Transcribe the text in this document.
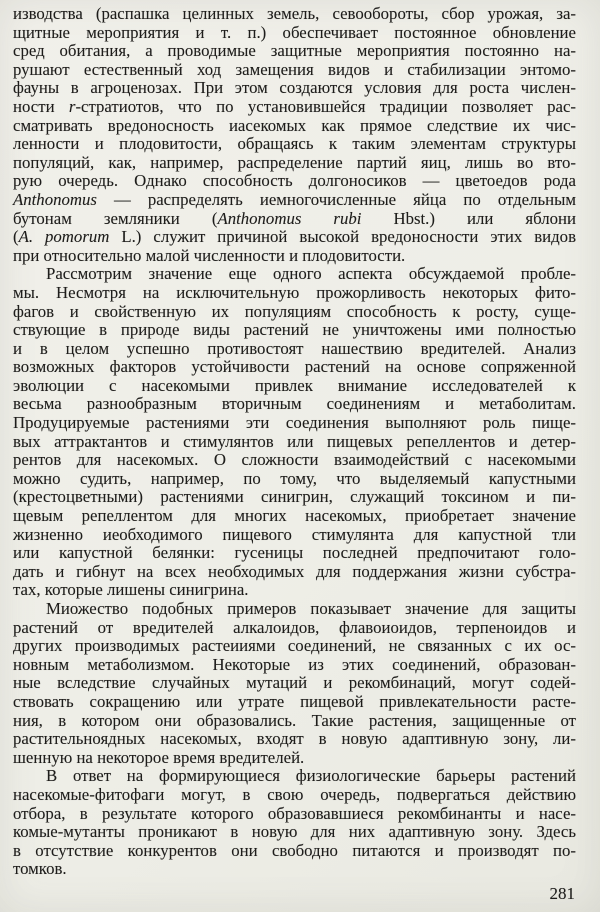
изводства (распашка целинных земель, севообороты, сбор урожая, за-
щитные мероприятия и т. п.) обеспечивает постоянное обновление
сред обитания, а проводимые защитные мероприятия постоянно на-
рушают естественный ход замещения видов и стабилизации энтомо-
фауны в агроценозах. При этом создаются условия для роста числен-
ности r-стратиотов, что по установившейся традиции позволяет рас-
сматривать вредоносность иасекомых как прямое следствие их чис-
ленности и плодовитости, обращаясь к таким элементам структуры
популяций, как, например, распределение партий яиц, лишь во вто-
рую очередь. Однако способность долгоносиков — цветоедов рода
Anthonomus — распределять иемногочисленные яйца по отдельным
бутонам земляники (Anthonomus rubi Hbst.) или яблони
(A. pomorum L.) служит причиной высокой вредоносности этих видов
при относительно малой численности и плодовитости.
Рассмотрим значение еще одного аспекта обсуждаемой пробле-
мы. Несмотря на исключительную прожорливость некоторых фито-
фагов и свойственную их популяциям способность к росту, суще-
ствующие в природе виды растений не уничтожены ими полностью
и в целом успешно противостоят нашествию вредителей. Анализ
возможных факторов устойчивости растений на основе сопряженной
эволюции с насекомыми привлек внимание исследователей к
весьма разнообразным вторичным соединениям и метаболитам.
Продуцируемые растениями эти соединения выполняют роль пище-
вых аттрактантов и стимулянтов или пищевых репеллентов и детер-
рентов для насекомых. О сложности взаимодействий с насекомыми
можно судить, например, по тому, что выделяемый капустными
(крестоцветными) растениями синигрин, служащий токсином и пи-
щевым репеллентом для многих насекомых, приобретает значение
жизненно иеобходимого пищевого стимулянта для капустной тли
или капустной белянки: гусеницы последней предпочитают голо-
дать и гибнут на всех необходимых для поддержания жизни субстра-
тах, которые лишены синигрина.
Миожество подобных примеров показывает значение для защиты
растений от вредителей алкалоидов, флавоиоидов, терпеноидов и
других производимых растеииями соединений, не связанных с их ос-
новным метаболизмом. Некоторые из этих соединений, образован-
ные вследствие случайных мутаций и рекомбинаций, могут содей-
ствовать сокращению или утрате пищевой привлекательности расте-
ния, в котором они образовались. Такие растения, защищенные от
растительноядных насекомых, входят в новую адаптивную зону, ли-
шенную на некоторое время вредителей.
В ответ на формирующиеся физиологические барьеры растений
насекомые-фитофаги могут, в свою очередь, подвергаться действию
отбора, в результате которого образовавшиеся рекомбинанты и насе-
комые-мутанты проникают в новую для них адаптивную зону. Здесь
в отсутствие конкурентов они свободно питаются и производят по-
томков.
281
